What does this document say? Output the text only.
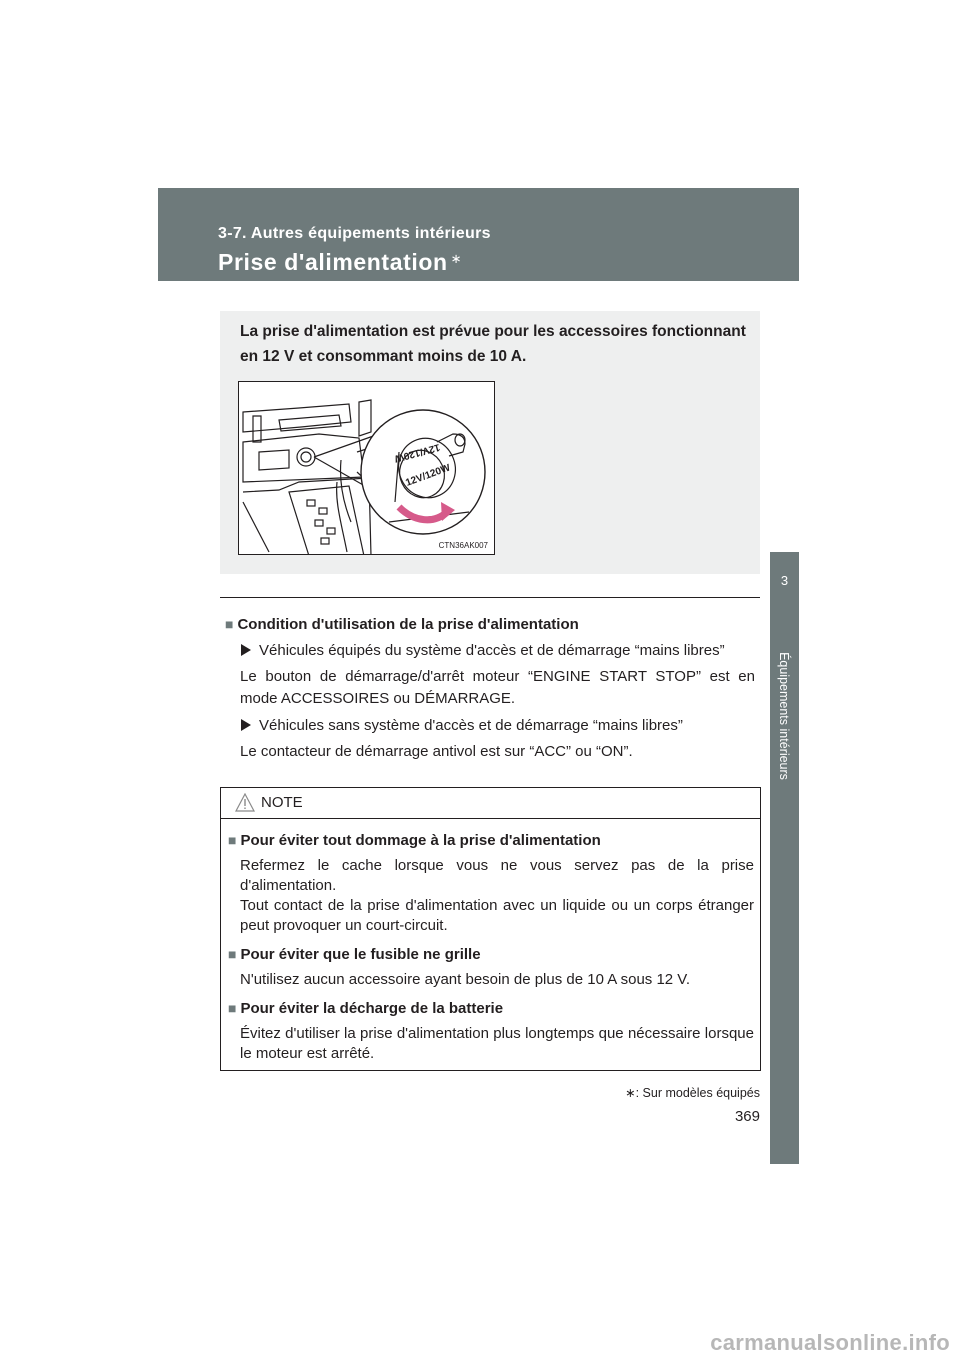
3-7. Autres équipements intérieurs
Prise d'alimentation ∗
3
Équipements intérieurs
La prise d'alimentation est prévue pour les accessoires fonctionnant en 12 V et consommant moins de 10 A.
12V/120W
12V/120W
CTN36AK007
■ Condition d'utilisation de la prise d'alimentation
Véhicules équipés du système d'accès et de démarrage “mains libres”
Le bouton de démarrage/d'arrêt moteur “ENGINE START STOP” est en mode ACCESSOIRES ou DÉMARRAGE.
Véhicules sans système d'accès et de démarrage “mains libres”
Le contacteur de démarrage antivol est sur “ACC” ou “ON”.
NOTE
■ Pour éviter tout dommage à la prise d'alimentation
Refermez le cache lorsque vous ne vous servez pas de la prise d'alimentation.
Tout contact de la prise d'alimentation avec un liquide ou un corps étranger peut provoquer un court-circuit.
■ Pour éviter que le fusible ne grille
N'utilisez aucun accessoire ayant besoin de plus de 10 A sous 12 V.
■ Pour éviter la décharge de la batterie
Évitez d'utiliser la prise d'alimentation plus longtemps que nécessaire lorsque le moteur est arrêté.
∗: Sur modèles équipés
369
carmanualsonline.info
